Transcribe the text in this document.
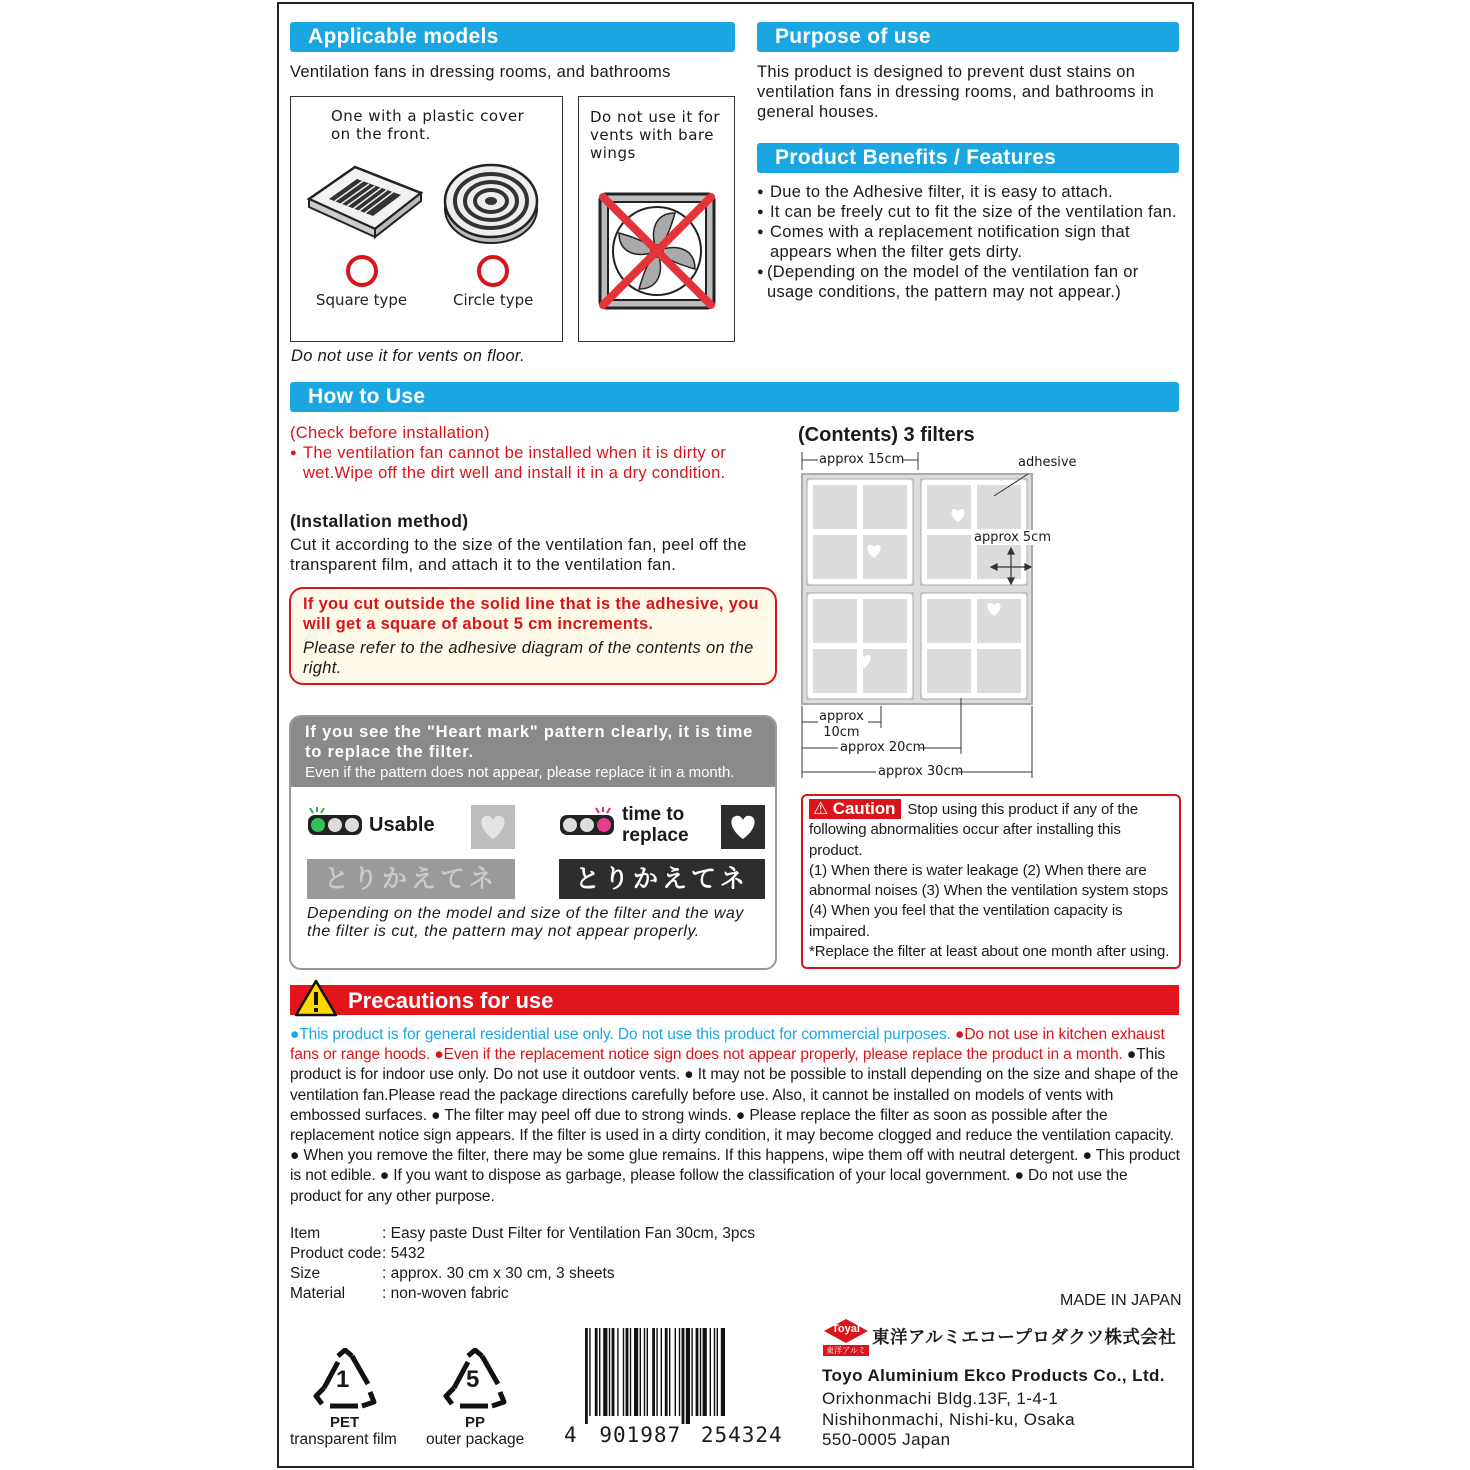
Applicable models
Ventilation fans in dressing rooms, and bathrooms
One with a plastic cover on the front.
Square type	Circle type
Do not use it for vents with bare wings
Do not use it for vents on floor.
Purpose of use
This product is designed to prevent dust stains on ventilation fans in dressing rooms, and bathrooms in general houses.
Product Benefits / Features

● Due to the Adhesive filter, it is easy to attach.

● It can be freely cut to fit the size of the ventilation fan.

● Comes with a replacement notification sign that appears when the filter gets dirty.

● (Depending on the model of the ventilation fan or usage conditions, the pattern may not appear.)

How to Use
(Check before installation)

● The ventilation fan cannot be installed when it is dirty or wet.Wipe off the dirt well and install it in a dry condition.

(Installation method)
Cut it according to the size of the ventilation fan, peel off the transparent film, and attach it to the ventilation fan.
If you cut outside the solid line that is the adhesive, you will get a square of about 5 cm increments.
Please refer to the adhesive diagram of the contents on the right.
If you see the "Heart mark" pattern clearly, it is time to replace the filter.
Even if the pattern does not appear, please replace it in a month.
Usable
とりかえてネ
time to
replace
とりかえてネ
Depending on the model and size of the filter and the way the filter is cut, the pattern may not appear properly.
(Contents) 3 filters
approx 15cm	adhesive
approx 5cm
approx
10cm
approx 20cm
approx 30cm
⚠ Caution Stop using this product if any of the following abnormalities occur after installing this product.
(1) When there is water leakage (2) When there are abnormal noises (3) When the ventilation system stops (4) When you feel that the ventilation capacity is impaired.
*Replace the filter at least about one month after using.
Precautions for use
●This product is for general residential use only. Do not use this product for commercial purposes. ●Do not use in kitchen exhaust fans or range hoods. ●Even if the replacement notice sign does not appear properly, please replace the product in a month. ●This product is for indoor use only. Do not use it outdoor vents. ● It may not be possible to install depending on the size and shape of the ventilation fan.Please read the package directions carefully before use. Also, it cannot be installed on models of vents with embossed surfaces. ● The filter may peel off due to strong winds. ● Please replace the filter as soon as possible after the replacement notice sign appears. If the filter is used in a dirty condition, it may become clogged and reduce the ventilation capacity. ● When you remove the filter, there may be some glue remains. If this happens, wipe them off with neutral detergent. ● This product is not edible. ● If you want to dispose as garbage, please follow the classification of your local government. ● Do not use the product for any other purpose.
Item	: Easy paste Dust Filter for Ventilation Fan 30cm, 3pcs
Product code	: 5432
Size	: approx. 30 cm x 30 cm, 3 sheets
Material	: non-woven fabric
1
PET
transparent film
5
PP
outer package 4 901987 254324
MADE IN JAPAN
Toyal
東洋アルミ
東洋アルミエコープロダクツ株式会社
Toyo Aluminium Ekco Products Co., Ltd.
Orixhonmachi Bldg.13F, 1-4-1
Nishihonmachi, Nishi-ku, Osaka
550-0005 Japan
